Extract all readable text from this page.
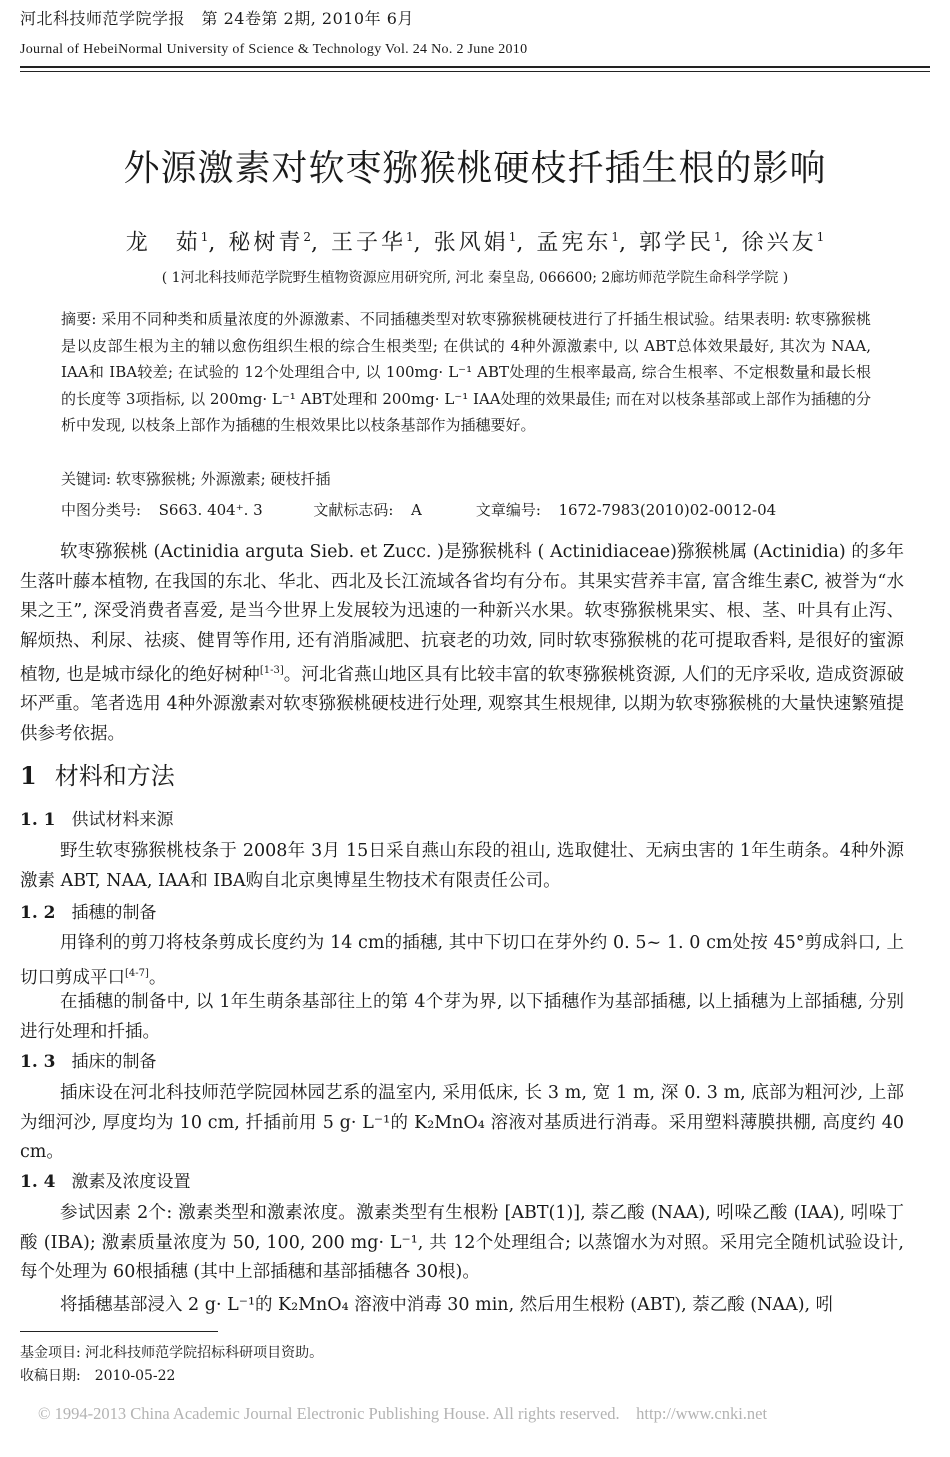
河北科技师范学院学报　第 24卷第 2期, 2010年 6月
Journal of HebeiNormal University of Science & Technology Vol. 24 No. 2 June 2010
外源激素对软枣猕猴桃硬枝扦插生根的影响
龙　茹$^1$, 秘树青$^2$, 王子华$^1$, 张风娟$^1$, 孟宪东$^1$, 郭学民$^1$, 徐兴友$^1$
( 1河北科技师范学院野生植物资源应用研究所, 河北 秦皇岛, 066600; 2廊坊师范学院生命科学学院 )
摘要: 采用不同种类和质量浓度的外源激素、不同插穗类型对软枣猕猴桃硬枝进行了扦插生根试验。结果表明: 软枣猕猴桃是以皮部生根为主的辅以愈伤组织生根的综合生根类型; 在供试的 4种外源激素中, 以 ABT总体效果最好, 其次为 NAA, IAA和 IBA较差; 在试验的 12个处理组合中, 以 100mg· L⁻¹ ABT处理的生根率最高, 综合生根率、不定根数量和最长根的长度等 3项指标, 以 200mg· L⁻¹ ABT处理和 200mg· L⁻¹ IAA处理的效果最佳; 而在对以枝条基部或上部作为插穗的分析中发现, 以枝条上部作为插穗的生根效果比以枝条基部作为插穗要好。
关键词: 软枣猕猴桃; 外源激素; 硬枝扦插
中图分类号: S663. 404⁺. 3	文献标志码: A	文章编号: 1672-7983(2010)02-0012-04
软枣猕猴桃 (Actinidia arguta Sieb. et Zucc. )是猕猴桃科 ( Actinidiaceae)猕猴桃属 (Actinidia) 的多年生落叶藤本植物, 在我国的东北、华北、西北及长江流域各省均有分布。其果实营养丰富, 富含维生素C, 被誉为“水果之王”, 深受消费者喜爱, 是当今世界上发展较为迅速的一种新兴水果。软枣猕猴桃果实、根、茎、叶具有止泻、解烦热、利尿、祛痰、健胃等作用, 还有消脂减肥、抗衰老的功效, 同时软枣猕猴桃的花可提取香料, 是很好的蜜源植物, 也是城市绿化的绝好树种[1-3]。河北省燕山地区具有比较丰富的软枣猕猴桃资源, 人们的无序采收, 造成资源破坏严重。笔者选用 4种外源激素对软枣猕猴桃硬枝进行处理, 观察其生根规律, 以期为软枣猕猴桃的大量快速繁殖提供参考依据。
1 材料和方法
1. 1 供试材料来源
野生软枣猕猴桃枝条于 2008年 3月 15日采自燕山东段的祖山, 选取健壮、无病虫害的 1年生萌条。4种外源激素 ABT, NAA, IAA和 IBA购自北京奥博星生物技术有限责任公司。
1. 2 插穗的制备
用锋利的剪刀将枝条剪成长度约为 14 cm的插穗, 其中下切口在芽外约 0. 5~ 1. 0 cm处按 45°剪成斜口, 上切口剪成平口[4-7]。
在插穗的制备中, 以 1年生萌条基部往上的第 4个芽为界, 以下插穗作为基部插穗, 以上插穗为上部插穗, 分别进行处理和扦插。
1. 3 插床的制备
插床设在河北科技师范学院园林园艺系的温室内, 采用低床, 长 3 m, 宽 1 m, 深 0. 3 m, 底部为粗河沙, 上部为细河沙, 厚度均为 10 cm, 扦插前用 5 g· L⁻¹的 K₂MnO₄ 溶液对基质进行消毒。采用塑料薄膜拱棚, 高度约 40 cm。
1. 4 激素及浓度设置
参试因素 2个: 激素类型和激素浓度。激素类型有生根粉 [ABT(1)], 萘乙酸 (NAA), 吲哚乙酸 (IAA), 吲哚丁酸 (IBA); 激素质量浓度为 50, 100, 200 mg· L⁻¹, 共 12个处理组合; 以蒸馏水为对照。采用完全随机试验设计, 每个处理为 60根插穗 (其中上部插穗和基部插穗各 30根)。
将插穗基部浸入 2 g· L⁻¹的 K₂MnO₄ 溶液中消毒 30 min, 然后用生根粉 (ABT), 萘乙酸 (NAA), 吲
基金项目: 河北科技师范学院招标科研项目资助。
收稿日期:　2010-05-22
© 1994-2013 China Academic Journal Electronic Publishing House. All rights reserved.　http://www.cnki.net
